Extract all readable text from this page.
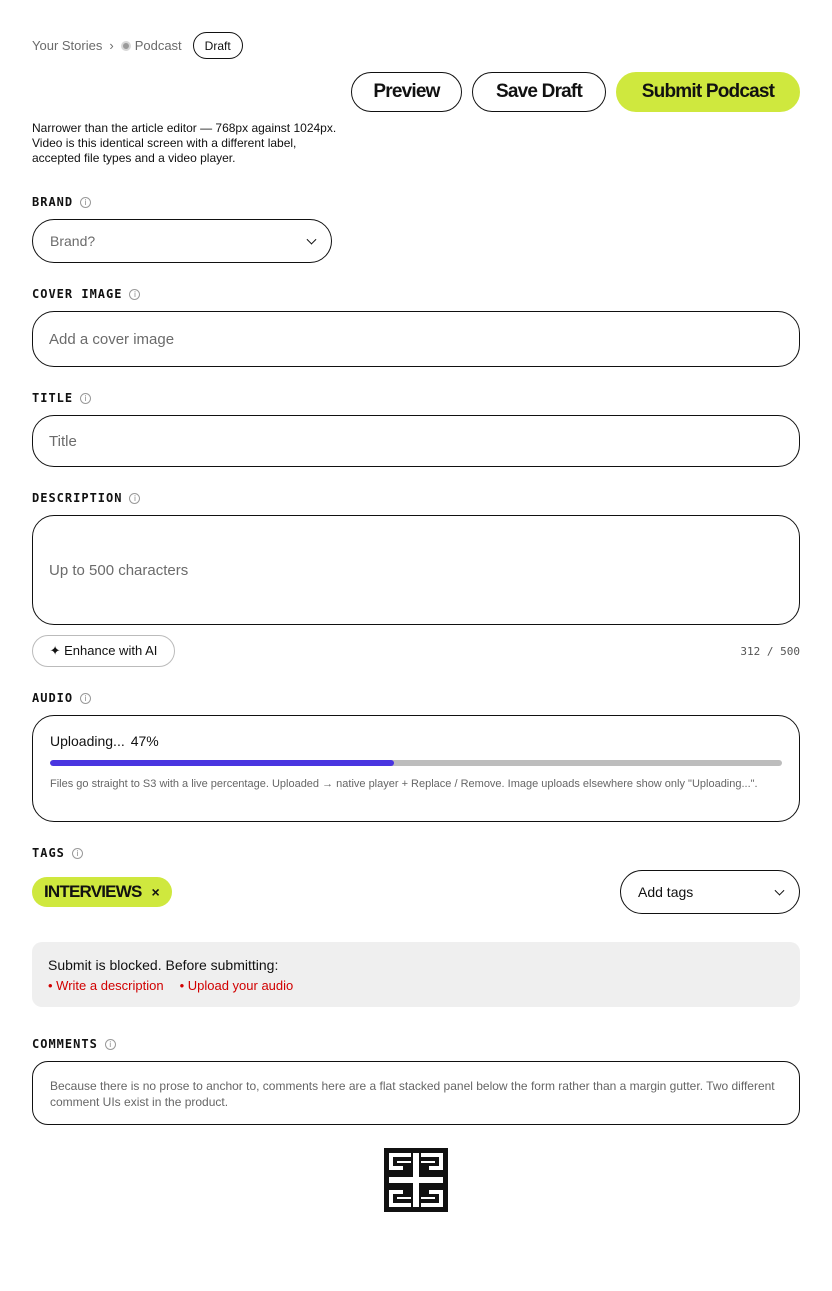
Your Stories › Podcast	Draft
Preview	Save Draft	Submit Podcast
Narrower than the article editor — 768px against 1024px. Video is this identical screen with a different label, accepted file types and a video player.
BRAND	i
Brand?
COVER IMAGE	i
Add a cover image
TITLE	i
Title
DESCRIPTION	i
Up to 500 characters
✦ Enhance with AI	312 / 500
AUDIO	i
Uploading... 47%
Files go straight to S3 with a live percentage. Uploaded → native player + Replace / Remove. Image uploads elsewhere show only "Uploading...".
TAGS	i
INTERVIEWS ×	Add tags
Submit is blocked. Before submitting:
• Write a description • Upload your audio
COMMENTS	i
Because there is no prose to anchor to, comments here are a flat stacked panel below the form rather than a margin gutter. Two different comment UIs exist in the product.
